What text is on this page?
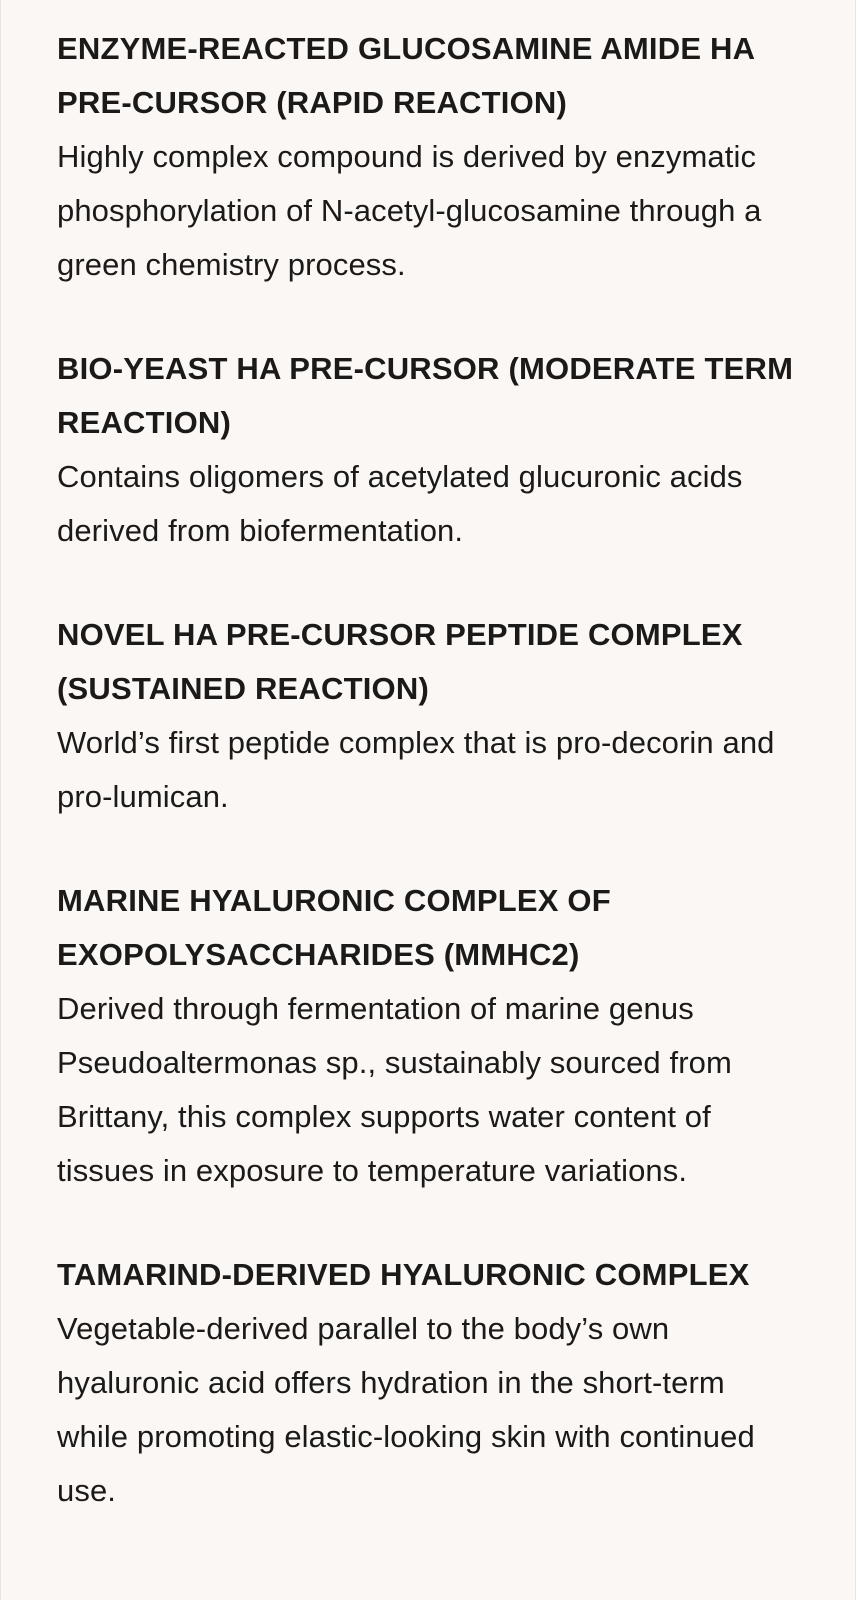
ENZYME-REACTED GLUCOSAMINE AMIDE HA PRE-CURSOR (RAPID REACTION)

Highly complex compound is derived by enzymatic phosphorylation of N-acetyl-glucosamine through a green chemistry process.

BIO-YEAST HA PRE-CURSOR (MODERATE TERM REACTION)

Contains oligomers of acetylated glucuronic acids derived from biofermentation.

NOVEL HA PRE-CURSOR PEPTIDE COMPLEX (SUSTAINED REACTION)

World’s first peptide complex that is pro-decorin and pro-lumican.

MARINE HYALURONIC COMPLEX OF EXOPOLYSACCHARIDES (MMHC2)

Derived through fermentation of marine genus Pseudoaltermonas sp., sustainably sourced from Brittany, this complex supports water content of tissues in exposure to temperature variations.

TAMARIND-DERIVED HYALURONIC COMPLEX

Vegetable-derived parallel to the body’s own hyaluronic acid offers hydration in the short-term while promoting elastic-looking skin with continued use.
